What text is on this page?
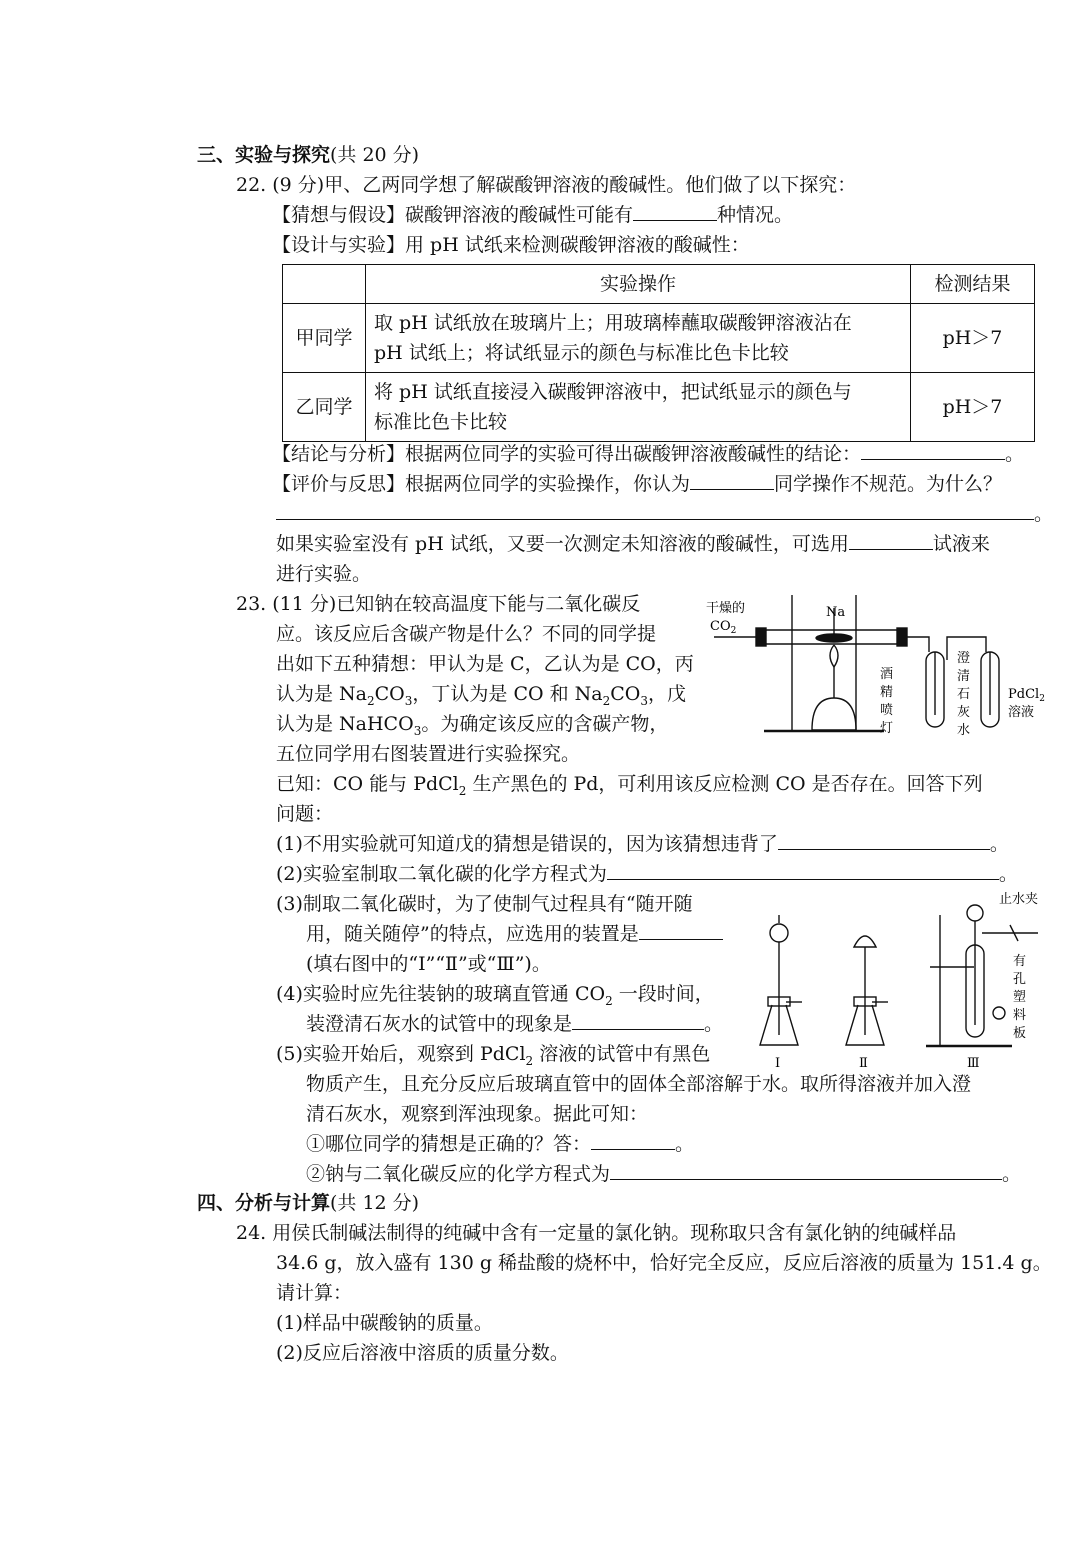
三、实验与探究(共 20 分)
22. (9 分)甲、乙两同学想了解碳酸钾溶液的酸碱性。他们做了以下探究：
【猜想与假设】碳酸钾溶液的酸碱性可能有	种情况。
【设计与实验】用 pH 试纸来检测碳酸钾溶液的酸碱性：
	实验操作	检测结果
甲同学	取 pH 试纸放在玻璃片上；用玻璃棒蘸取碳酸钾溶液沾在
pH 试纸上；将试纸显示的颜色与标准比色卡比较	pH＞7
乙同学	将 pH 试纸直接浸入碳酸钾溶液中，把试纸显示的颜色与
标准比色卡比较	pH＞7
【结论与分析】根据两位同学的实验可得出碳酸钾溶液酸碱性的结论：	。
【评价与反思】根据两位同学的实验操作，你认为	同学操作不规范。为什么？
。
如果实验室没有 pH 试纸，又要一次测定未知溶液的酸碱性，可选用	试液来
进行实验。
23. (11 分)已知钠在较高温度下能与二氧化碳反
应。该反应后含碳产物是什么？不同的同学提
出如下五种猜想：甲认为是 C，乙认为是 CO，丙
认为是 $Na_2CO_3$，丁认为是 CO 和 $Na_2CO_3$，戊
认为是 NaHCO$_3$。为确定该反应的含碳产物，
五位同学用右图装置进行实验探究。
干燥的
$CO_2$
Na
酒
精
喷
灯
澄
清
石
灰
水
PdCl$_2$
溶液
已知：CO 能与 PdCl$_2$ 生产黑色的 Pd，可利用该反应检测 CO 是否存在。回答下列
问题：
(1)不用实验就可知道戊的猜想是错误的，因为该猜想违背了	。
(2)实验室制取二氧化碳的化学方程式为	。
(3)制取二氧化碳时，为了使制气过程具有“随开随
用，随关随停”的特点，应选用的装置是
(填右图中的“Ⅰ”“Ⅱ”或“Ⅲ”)。
(4)实验时应先往装钠的玻璃直管通 $CO_2$ 一段时间，
装澄清石灰水的试管中的现象是	。
(5)实验开始后，观察到 PdCl$_2$ 溶液的试管中有黑色
物质产生，且充分反应后玻璃直管中的固体全部溶解于水。取所得溶液并加入澄
清石灰水，观察到浑浊现象。据此可知：
①哪位同学的猜想是正确的？答：	。
②钠与二氧化碳反应的化学方程式为	。
止水夹
有
孔
塑
料
板
Ⅰ	Ⅱ	Ⅲ
四、分析与计算(共 12 分)
24. 用侯氏制碱法制得的纯碱中含有一定量的氯化钠。现称取只含有氯化钠的纯碱样品
34.6 g，放入盛有 130 g 稀盐酸的烧杯中，恰好完全反应，反应后溶液的质量为 151.4 g。
请计算：
(1)样品中碳酸钠的质量。
(2)反应后溶液中溶质的质量分数。
